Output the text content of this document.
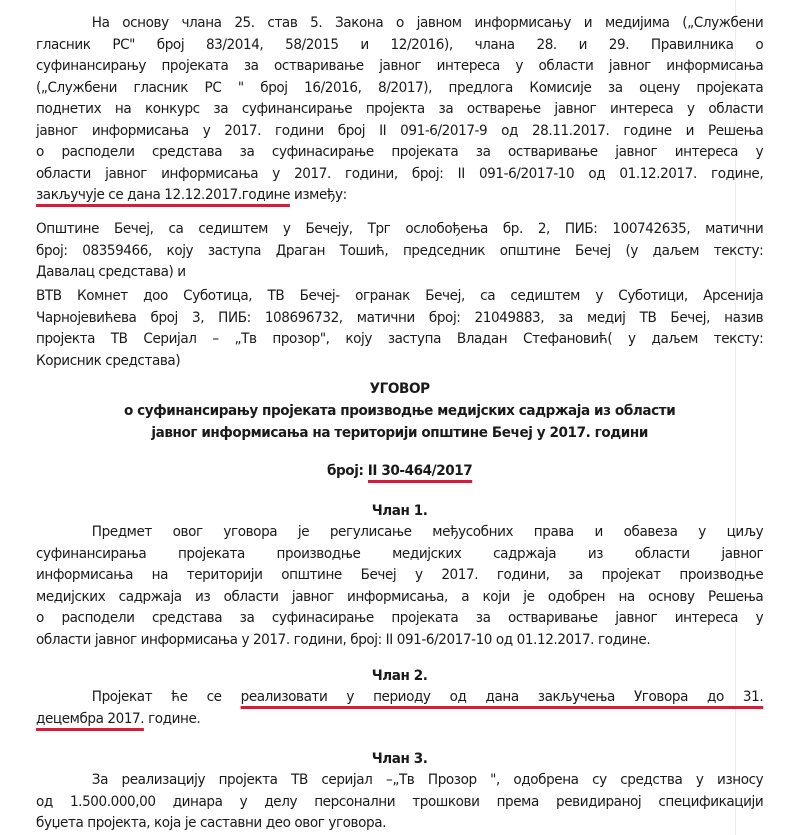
На основу члана 25. став 5. Закона о јавном информисању и медијима („Службени
гласник РС" број 83/2014, 58/2015 и 12/2016), члана 28. и 29. Правилника о
суфинансирању пројеката за остваривање јавног интереса у области јавног информисања
(„Службени гласник РС " број 16/2016, 8/2017), предлога Комисије за оцену пројеката
поднетих на конкурс за суфинансирање пројекта за остварење јавног интереса у области
јавног информисања у 2017. години број II 091-6/2017-9 од 28.11.2017. године и Решења
о расподели средстава за суфинасирање пројеката за остваривање јавног интереса у
области јавног информисања у 2017. години, број: II 091-6/2017-10 од 01.12.2017. године,
закључује се дана 12.12.2017.године између:
Општине Бечеј, са седиштем у Бечеју, Трг ослобођења бр. 2, ПИБ: 100742635, матични
број: 08359466, коју заступа Драган Тошић, председник општине Бечеј (у даљем тексту:
Давалац средстава) и
ВТВ Комнет доо Суботица, ТВ Бечеј- огранак Бечеј, са седиштем у Суботици, Арсенија
Чарнојевићева број 3, ПИБ: 108696732, матични број: 21049883, за медиј ТВ Бечеј, назив
пројекта ТВ Серијал – „Тв прозор", коју заступа Владан Стефановић( у даљем тексту:
Корисник средстава)
УГОВОР
о суфинансирању пројеката производње медијских садржаја из области
јавног информисања на територији општине Бечеј у 2017. години
број: II 30-464/2017
Члан 1.
Предмет овог уговора је регулисање међусобних права и обавеза у циљу
суфинансирања пројеката производње медијских садржаја из области јавног
информисања на територији општине Бечеј у 2017. години, за пројекат производње
медијских садржаја из области јавног информисања, а који је одобрен на основу Решења
о расподели средстава за суфинасирање пројеката за остваривање јавног интереса у
области јавног информисања у 2017. години, број: II 091-6/2017-10 од 01.12.2017. године.
Члан 2.
Пројекат ће се реализовати у периоду од дана закључења Уговора до 31.
децембра 2017. године.
Члан 3.
За реализацију пројекта ТВ серијал –„Тв Прозор ", одобрена су средства у износу
од 1.500.000,00 динара у делу персонални трошкови према ревидираној спецификацији
буџета пројекта, која је саставни део овог уговора.
